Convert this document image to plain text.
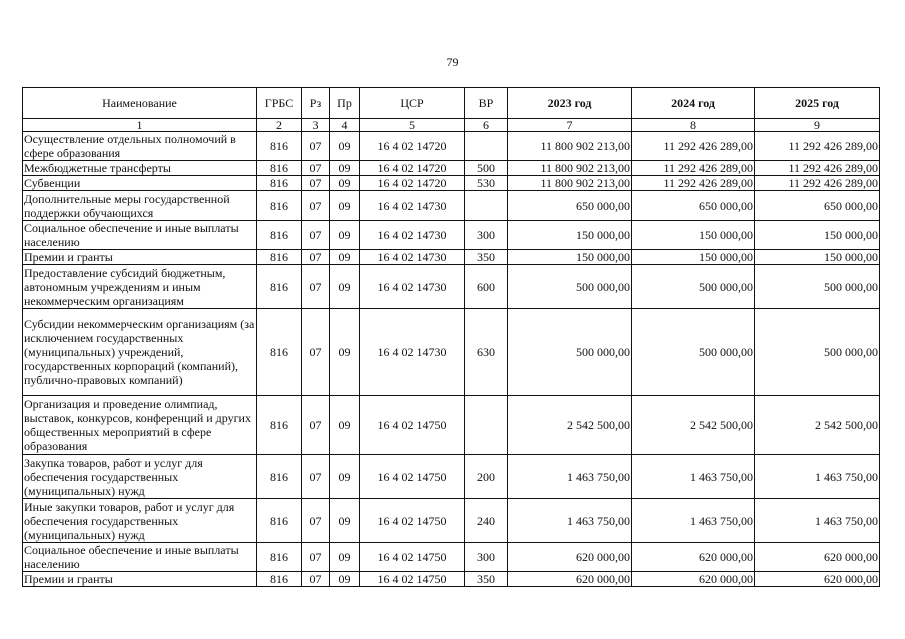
79
Наименование	ГРБС	Рз	Пр	ЦСР	ВР	2023 год	2024 год	2025 год
1	2	3	4	5	6	7	8	9
Осуществление отдельных полномочий в сфере образования	816	07	09	16 4 02 14720		11 800 902 213,00	11 292 426 289,00	11 292 426 289,00
Межбюджетные трансферты	816	07	09	16 4 02 14720	500	11 800 902 213,00	11 292 426 289,00	11 292 426 289,00
Субвенции	816	07	09	16 4 02 14720	530	11 800 902 213,00	11 292 426 289,00	11 292 426 289,00
Дополнительные меры государственной поддержки обучающихся	816	07	09	16 4 02 14730		650 000,00	650 000,00	650 000,00
Социальное обеспечение и иные выплаты населению	816	07	09	16 4 02 14730	300	150 000,00	150 000,00	150 000,00
Премии и гранты	816	07	09	16 4 02 14730	350	150 000,00	150 000,00	150 000,00
Предоставление субсидий бюджетным, автономным учреждениям и иным некоммерческим организациям	816	07	09	16 4 02 14730	600	500 000,00	500 000,00	500 000,00
Субсидии некоммерческим организациям (за исключением государственных (муниципальных) учреждений, государственных корпораций (компаний), публично-правовых компаний)	816	07	09	16 4 02 14730	630	500 000,00	500 000,00	500 000,00
Организация и проведение олимпиад, выставок, конкурсов, конференций и других общественных мероприятий в сфере образования	816	07	09	16 4 02 14750		2 542 500,00	2 542 500,00	2 542 500,00
Закупка товаров, работ и услуг для обеспечения государственных (муниципальных) нужд	816	07	09	16 4 02 14750	200	1 463 750,00	1 463 750,00	1 463 750,00
Иные закупки товаров, работ и услуг для обеспечения государственных (муниципальных) нужд	816	07	09	16 4 02 14750	240	1 463 750,00	1 463 750,00	1 463 750,00
Социальное обеспечение и иные выплаты населению	816	07	09	16 4 02 14750	300	620 000,00	620 000,00	620 000,00
Премии и гранты	816	07	09	16 4 02 14750	350	620 000,00	620 000,00	620 000,00
